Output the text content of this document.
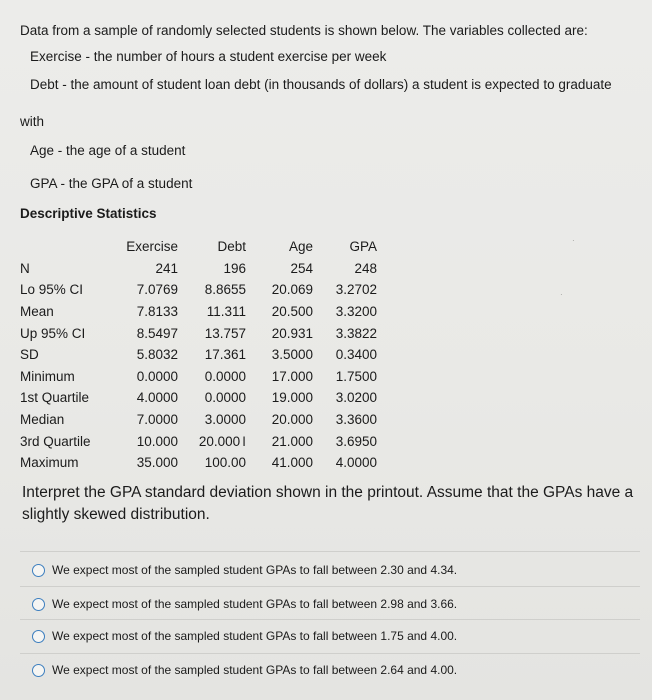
Data from a sample of randomly selected students is shown below. The variables collected are:
Exercise - the number of hours a student exercise per week
Debt - the amount of student loan debt (in thousands of dollars) a student is expected to graduate
with
Age - the age of a student
GPA - the GPA of a student
Descriptive Statistics
	Exercise	Debt	Age	GPA
N	241	196	254	248
Lo 95% CI	7.0769	8.8655	20.069	3.2702
Mean	7.8133	11.311	20.500	3.3200
Up 95% CI	8.5497	13.757	20.931	3.3822
SD	5.8032	17.361	3.5000	0.3400
Minimum	0.0000	0.0000	17.000	1.7500
1st Quartile	4.0000	0.0000	19.000	3.0200
Median	7.0000	3.0000	20.000	3.3600
3rd Quartile	10.000	20.000 I	21.000	3.6950
Maximum	35.000	100.00	41.000	4.0000
Interpret the GPA standard deviation shown in the printout. Assume that the GPAs have a slightly skewed distribution.
We expect most of the sampled student GPAs to fall between 2.30 and 4.34.
We expect most of the sampled student GPAs to fall between 2.98 and 3.66.
We expect most of the sampled student GPAs to fall between 1.75 and 4.00.
We expect most of the sampled student GPAs to fall between 2.64 and 4.00.
·
·
